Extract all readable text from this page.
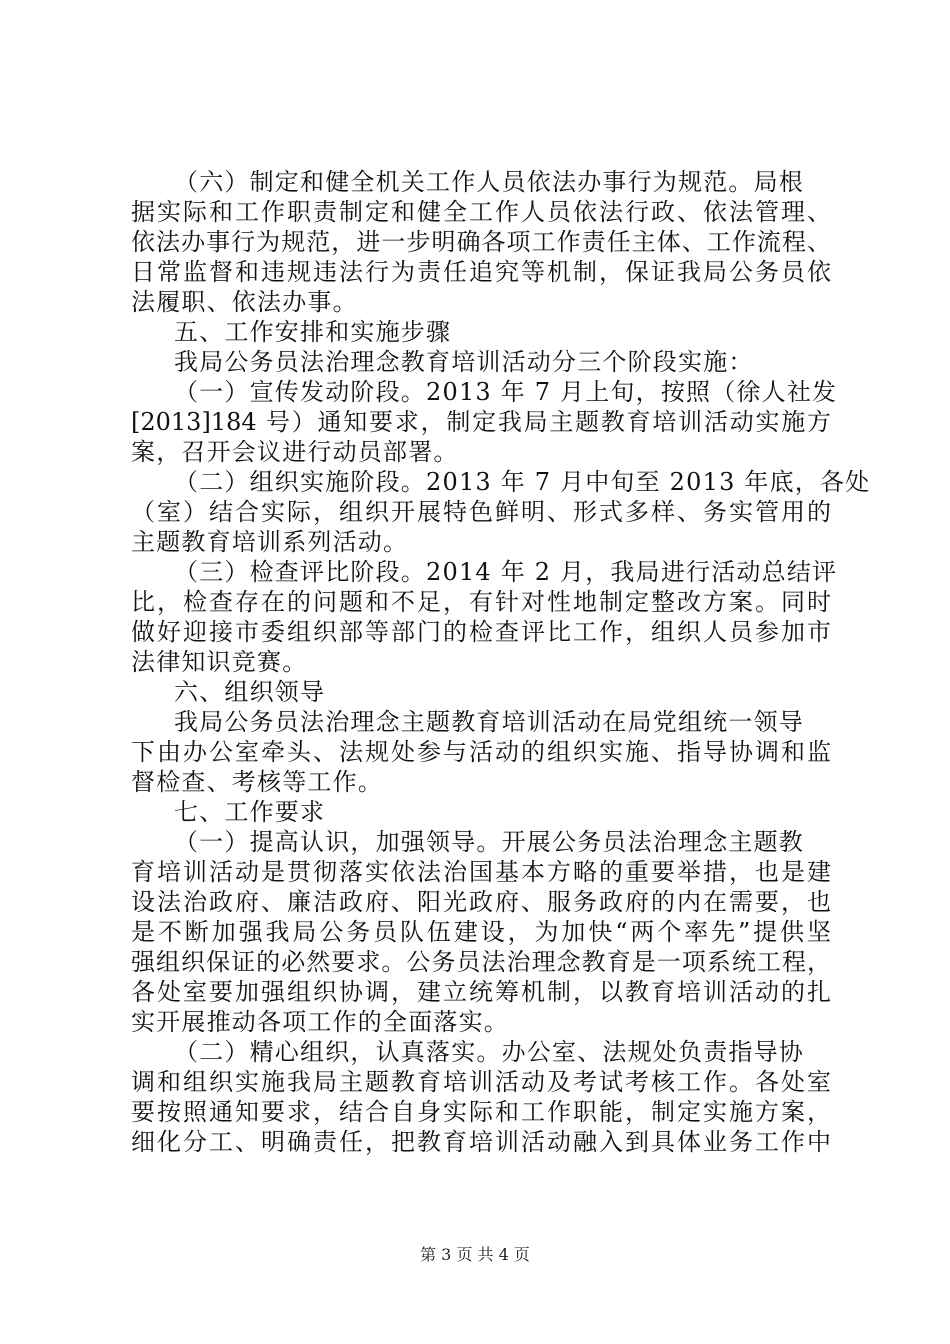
（六）制定和健全机关工作人员依法办事行为规范。局根
据实际和工作职责制定和健全工作人员依法行政、依法管理、
依法办事行为规范，进一步明确各项工作责任主体、工作流程、
日常监督和违规违法行为责任追究等机制，保证我局公务员依
法履职、依法办事。
五、工作安排和实施步骤
我局公务员法治理念教育培训活动分三个阶段实施：
（一）宣传发动阶段。2013 年 7 月上旬，按照（徐人社发
[2013]184 号）通知要求，制定我局主题教育培训活动实施方
案，召开会议进行动员部署。
（二）组织实施阶段。2013 年 7 月中旬至 2013 年底，各处
（室）结合实际，组织开展特色鲜明、形式多样、务实管用的
主题教育培训系列活动。
（三）检查评比阶段。2014 年 2 月，我局进行活动总结评
比，检查存在的问题和不足，有针对性地制定整改方案。同时
做好迎接市委组织部等部门的检查评比工作，组织人员参加市
法律知识竞赛。
六、组织领导
我局公务员法治理念主题教育培训活动在局党组统一领导
下由办公室牵头、法规处参与活动的组织实施、指导协调和监
督检查、考核等工作。
七、工作要求
（一）提高认识，加强领导。开展公务员法治理念主题教
育培训活动是贯彻落实依法治国基本方略的重要举措，也是建
设法治政府、廉洁政府、阳光政府、服务政府的内在需要，也
是不断加强我局公务员队伍建设，为加快“两个率先”提供坚
强组织保证的必然要求。公务员法治理念教育是一项系统工程，
各处室要加强组织协调，建立统筹机制，以教育培训活动的扎
实开展推动各项工作的全面落实。
（二）精心组织，认真落实。办公室、法规处负责指导协
调和组织实施我局主题教育培训活动及考试考核工作。各处室
要按照通知要求，结合自身实际和工作职能，制定实施方案，
细化分工、明确责任，把教育培训活动融入到具体业务工作中
第 3 页 共 4 页
